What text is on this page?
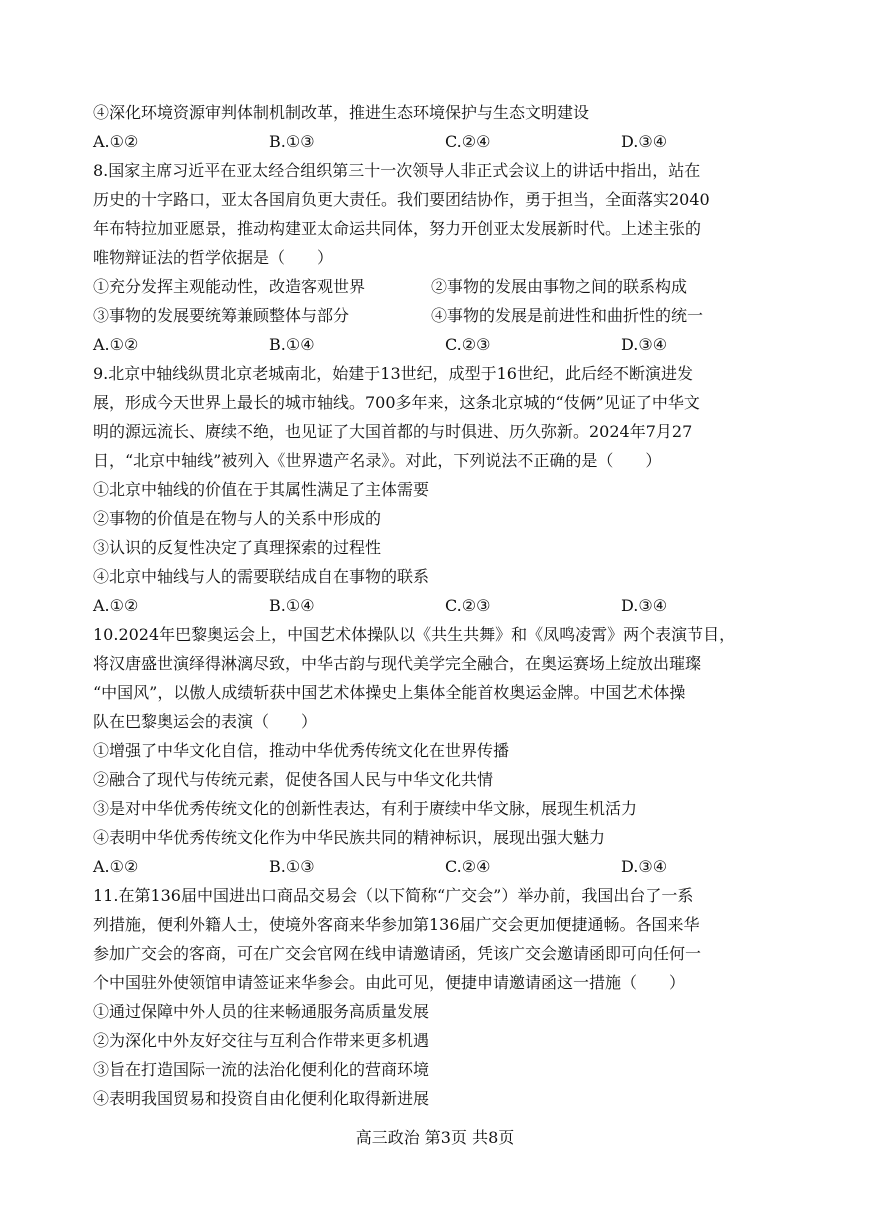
④深化环境资源审判体制机制改革，推进生态环境保护与生态文明建设
A.①②	B.①③	C.②④	D.③④
8.国家主席习近平在亚太经合组织第三十一次领导人非正式会议上的讲话中指出，站在
历史的十字路口，亚太各国肩负更大责任。我们要团结协作，勇于担当，全面落实2040
年布特拉加亚愿景，推动构建亚太命运共同体，努力开创亚太发展新时代。上述主张的
唯物辩证法的哲学依据是（　　）
①充分发挥主观能动性，改造客观世界	②事物的发展由事物之间的联系构成
③事物的发展要统筹兼顾整体与部分	④事物的发展是前进性和曲折性的统一
A.①②	B.①④	C.②③	D.③④
9.北京中轴线纵贯北京老城南北，始建于13世纪，成型于16世纪，此后经不断演进发
展，形成今天世界上最长的城市轴线。700多年来，这条北京城的“伎俩”见证了中华文
明的源远流长、赓续不绝，也见证了大国首都的与时俱进、历久弥新。2024年7月27
日，“北京中轴线”被列入《世界遗产名录》。对此，下列说法不正确的是（　　）
①北京中轴线的价值在于其属性满足了主体需要
②事物的价值是在物与人的关系中形成的
③认识的反复性决定了真理探索的过程性
④北京中轴线与人的需要联结成自在事物的联系
A.①②	B.①④	C.②③	D.③④
10.2024年巴黎奥运会上，中国艺术体操队以《共生共舞》和《凤鸣凌霄》两个表演节目，
将汉唐盛世演绎得淋漓尽致，中华古韵与现代美学完全融合，在奥运赛场上绽放出璀璨
“中国风”，以傲人成绩斩获中国艺术体操史上集体全能首枚奥运金牌。中国艺术体操
队在巴黎奥运会的表演（　　）
①增强了中华文化自信，推动中华优秀传统文化在世界传播
②融合了现代与传统元素，促使各国人民与中华文化共情
③是对中华优秀传统文化的创新性表达，有利于赓续中华文脉，展现生机活力
④表明中华优秀传统文化作为中华民族共同的精神标识，展现出强大魅力
A.①②	B.①③	C.②④	D.③④
11.在第136届中国进出口商品交易会（以下简称“广交会”）举办前，我国出台了一系
列措施，便利外籍人士，使境外客商来华参加第136届广交会更加便捷通畅。各国来华
参加广交会的客商，可在广交会官网在线申请邀请函，凭该广交会邀请函即可向任何一
个中国驻外使领馆申请签证来华参会。由此可见，便捷申请邀请函这一措施（　　）
①通过保障中外人员的往来畅通服务高质量发展
②为深化中外友好交往与互利合作带来更多机遇
③旨在打造国际一流的法治化便利化的营商环境
④表明我国贸易和投资自由化便利化取得新进展
高三政治 第3页 共8页
